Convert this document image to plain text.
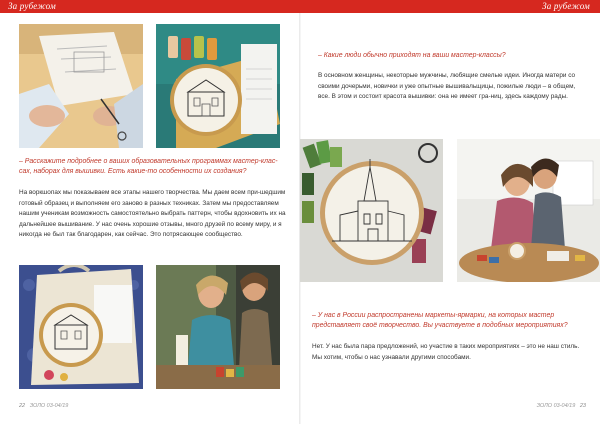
За рубежом	За рубежом

– Расскажите подробнее о ваших образовательных программах мастер-клас-сах, наборах для вышивки. Есть какие-то особенности их создания?

На воркшопах мы показываем все этапы нашего творчества. Мы даем всем при-шедшим готовый образец и выполняем его заново в разных техниках. Затем мы предоставляем нашим ученикам возможность самостоятельно выбрать паттерн, чтобы вдохновить их на дальнейшее вышивание. У нас очень хорошие отзывы, много друзей по всему миру, и я никогда не был так благодарен, как сейчас. Это потрясающее сообщество.

22 ЗОЛО 03-04/19

– Какие люди обычно приходят на ваши мастер-классы?

В основном женщины, некоторые мужчины, любящие смелые идеи. Иногда матери со своими дочерьми, новички и уже опытные вышивальщицы, пожилые люди – в общем, все. В этом и состоит красота вышивки: она не имеет гра-ниц, здесь каждому рады.

– У нас в России распространены маркеты-ярмарки, на которых мастер представляет своё творчество. Вы участвуете в подобных мероприятиях?

Нет. У нас была пара предложений, но участие в таких мероприятиях – это не наш стиль. Мы хотим, чтобы о нас узнавали другими способами.

ЗОЛО 03-04/19 23
